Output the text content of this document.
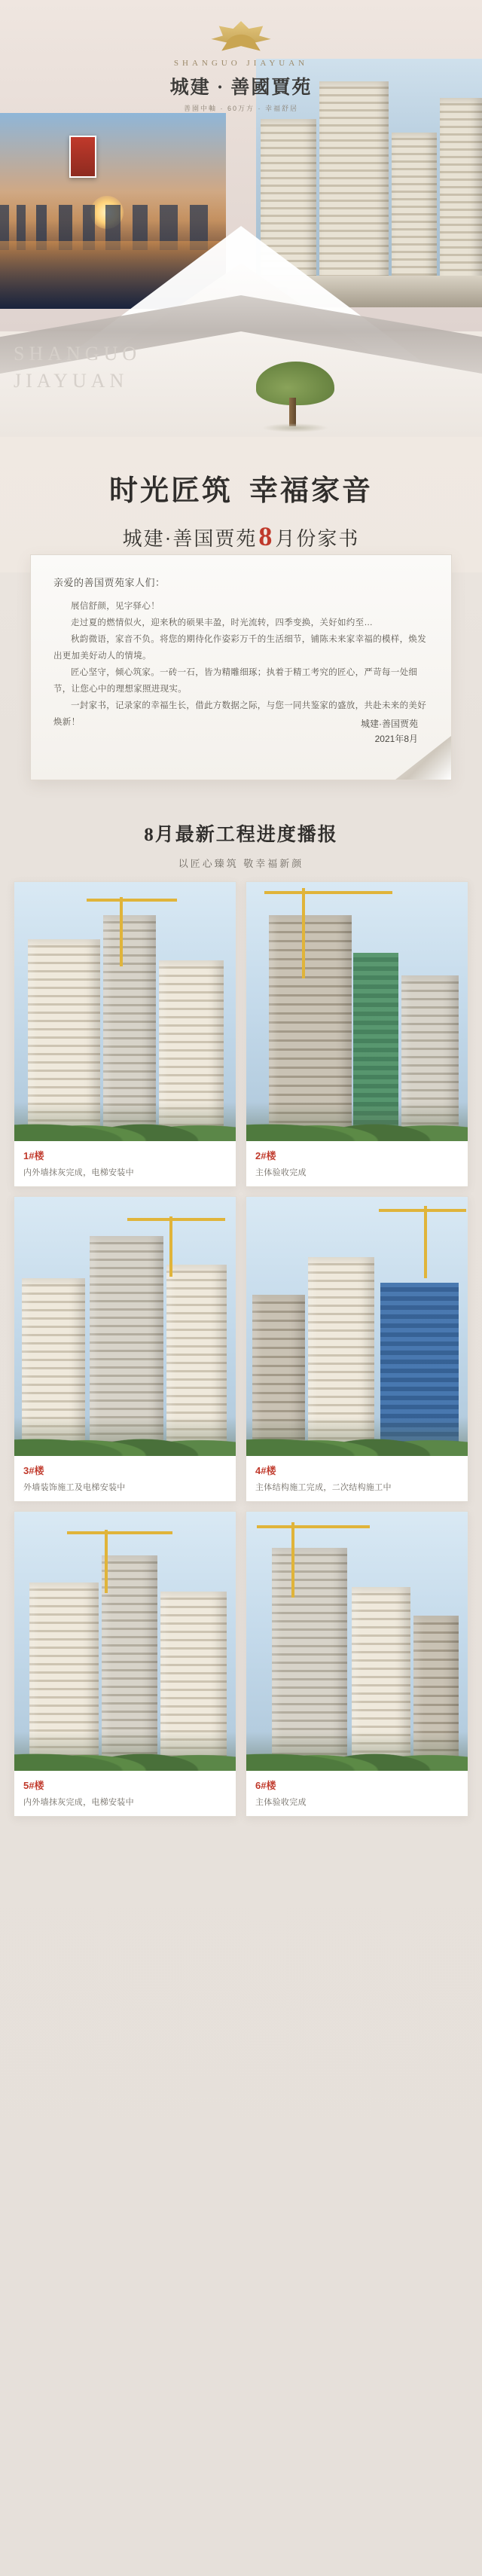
SHANGUO
JIAYUAN
SHANGUO JIAYUAN
城建 · 善國賈苑
善園中軸 · 60万方 · 幸福舒居
时光匠筑 幸福家音
城建·善国贾苑8月份家书
亲爱的善国贾苑家人们：

展信舒颜，见字驿心！

走过夏的燃情似火，迎来秋的硕果丰盈，时光流转，四季变换，关好如约至…

秋韵微语，家音不负。将您的期待化作姿彩万千的生活细节，铺陈未来家幸福的模样，焕发出更加美好动人的情境。

匠心坚守，倾心筑家。一砖一石，皆为精雕细琢；执着于精工考究的匠心，严苛每一处细节，让您心中的理想家照进现实。

一封家书，记录家的幸福生长，借此方数据之际，与您一同共鉴家的盛放，共赴未来的美好焕新！	城建·善国贾苑
2021年8月
8月最新工程进度播报
以匠心臻筑 敬幸福新颜
1#楼
内外墙抹灰完成，电梯安装中
2#楼
主体验收完成
3#楼
外墙装饰施工及电梯安装中
4#楼
主体结构施工完成，二次结构施工中
5#楼
内外墙抹灰完成，电梯安装中
6#楼
主体验收完成
